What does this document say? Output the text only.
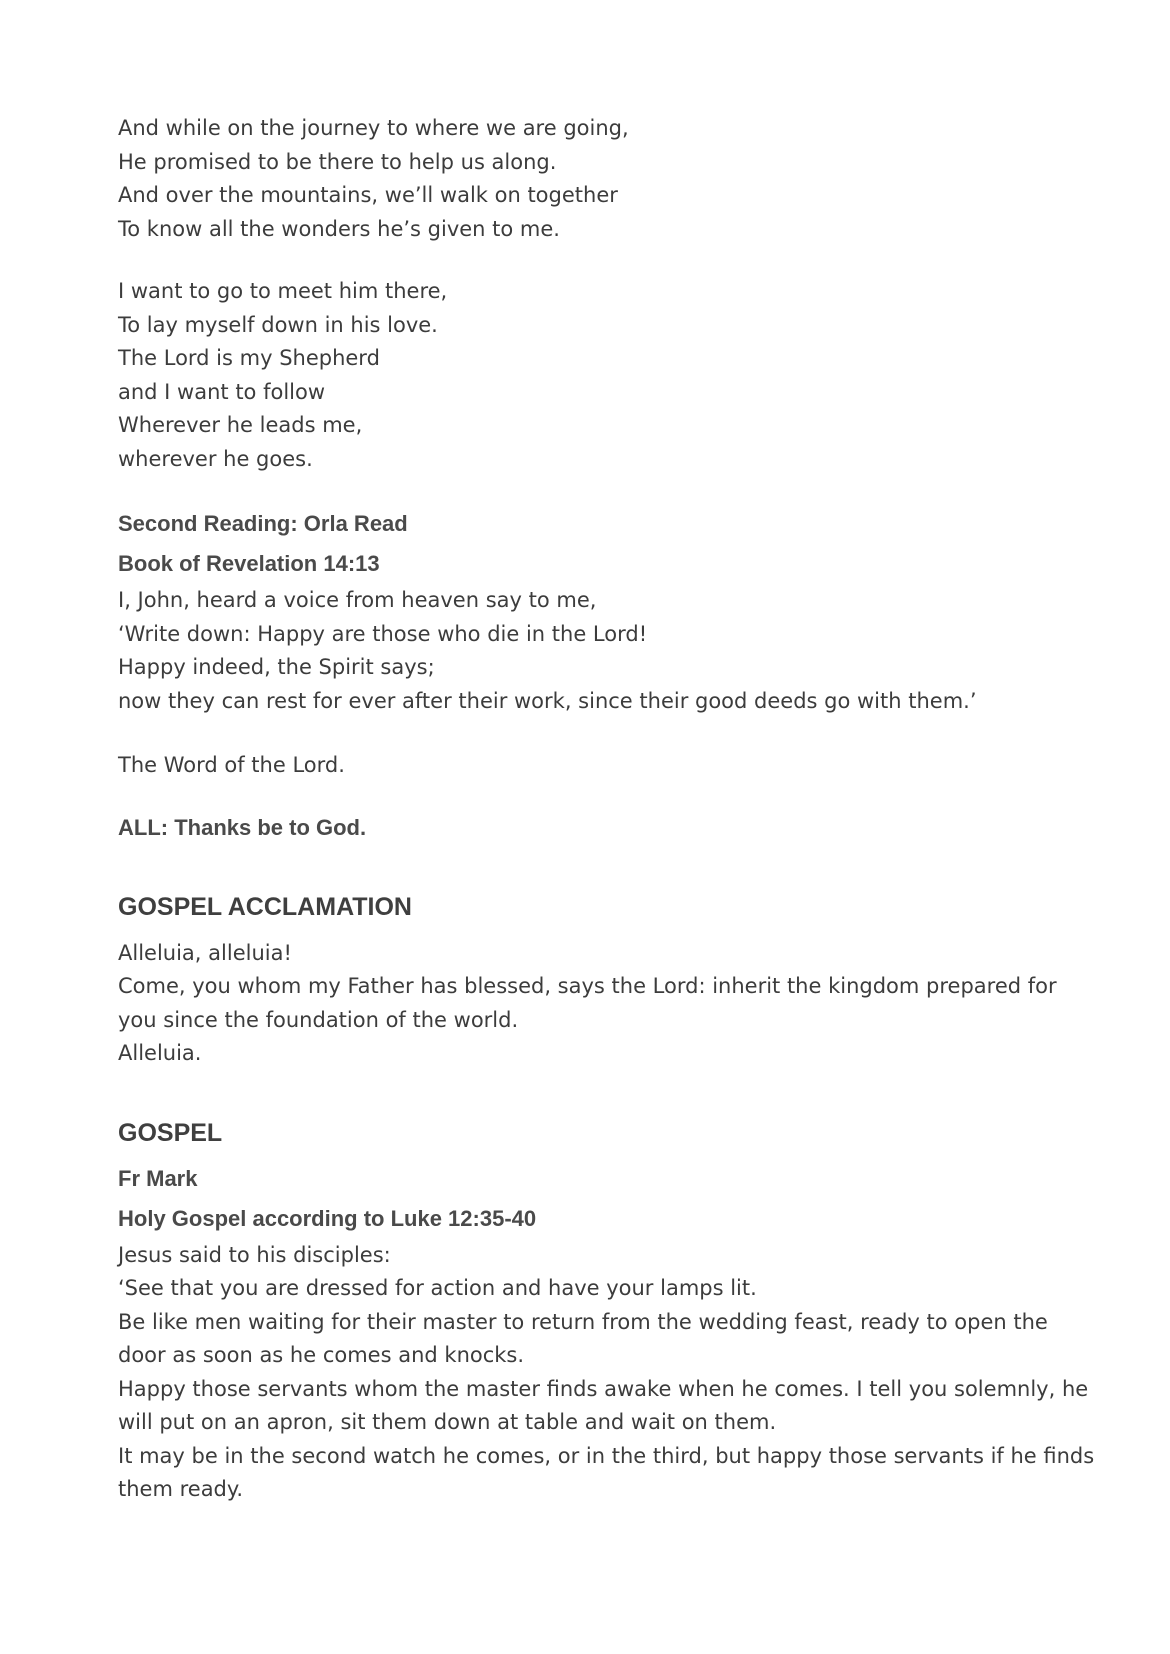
And while on the journey to where we are going,
He promised to be there to help us along.
And over the mountains, we’ll walk on together
To know all the wonders he’s given to me.
I want to go to meet him there,
To lay myself down in his love.
The Lord is my Shepherd
and I want to follow
Wherever he leads me,
wherever he goes.
Second Reading: Orla Read
Book of Revelation 14:13
I, John, heard a voice from heaven say to me,
‘Write down: Happy are those who die in the Lord!
Happy indeed, the Spirit says;
now they can rest for ever after their work, since their good deeds go with them.’
The Word of the Lord.
ALL: Thanks be to God.
GOSPEL ACCLAMATION
Alleluia, alleluia!
Come, you whom my Father has blessed, says the Lord: inherit the kingdom prepared for you since the foundation of the world.
Alleluia.
GOSPEL
Fr Mark
Holy Gospel according to Luke 12:35-40
Jesus said to his disciples:
‘See that you are dressed for action and have your lamps lit.
Be like men waiting for their master to return from the wedding feast, ready to open the door as soon as he comes and knocks.
Happy those servants whom the master finds awake when he comes. I tell you solemnly, he will put on an apron, sit them down at table and wait on them.
It may be in the second watch he comes, or in the third, but happy those servants if he finds them ready.
